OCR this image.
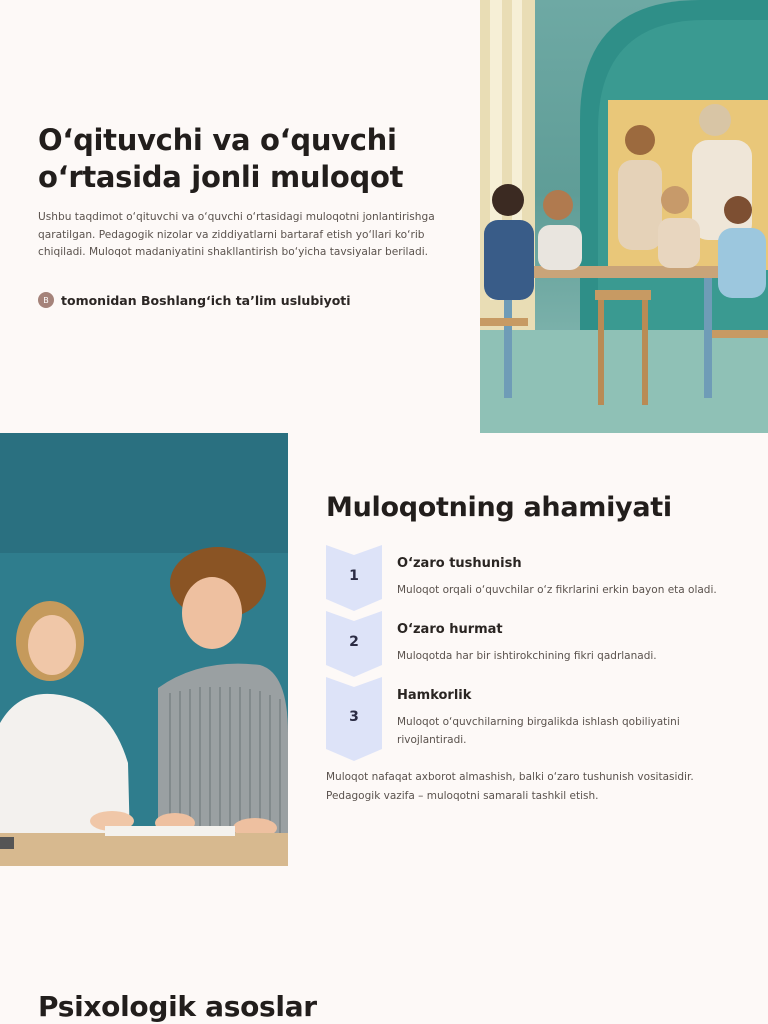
O‘qituvchi va o‘quvchi o‘rtasida jonli muloqot

Ushbu taqdimot o‘qituvchi va o‘quvchi o‘rtasidagi muloqotni jonlantirishga qaratilgan. Pedagogik nizolar va ziddiyatlarni bartaraf etish yo‘llari ko‘rib chiqiladi. Muloqot madaniyatini shakllantirish bo‘yicha tavsiyalar beriladi.

B tomonidan Boshlang‘ich ta’lim uslubiyoti
Muloqotning ahamiyati
1
O‘zaro tushunish
Muloqot orqali o‘quvchilar o‘z fikrlarini erkin bayon eta oladi.
2
O‘zaro hurmat
Muloqotda har bir ishtirokchining fikri qadrlanadi.
3
Hamkorlik
Muloqot o‘quvchilarning birgalikda ishlash qobiliyatini rivojlantiradi.

Muloqot nafaqat axborot almashish, balki o‘zaro tushunish vositasidir. Pedagogik vazifa – muloqotni samarali tashkil etish.

Psixologik asoslar
